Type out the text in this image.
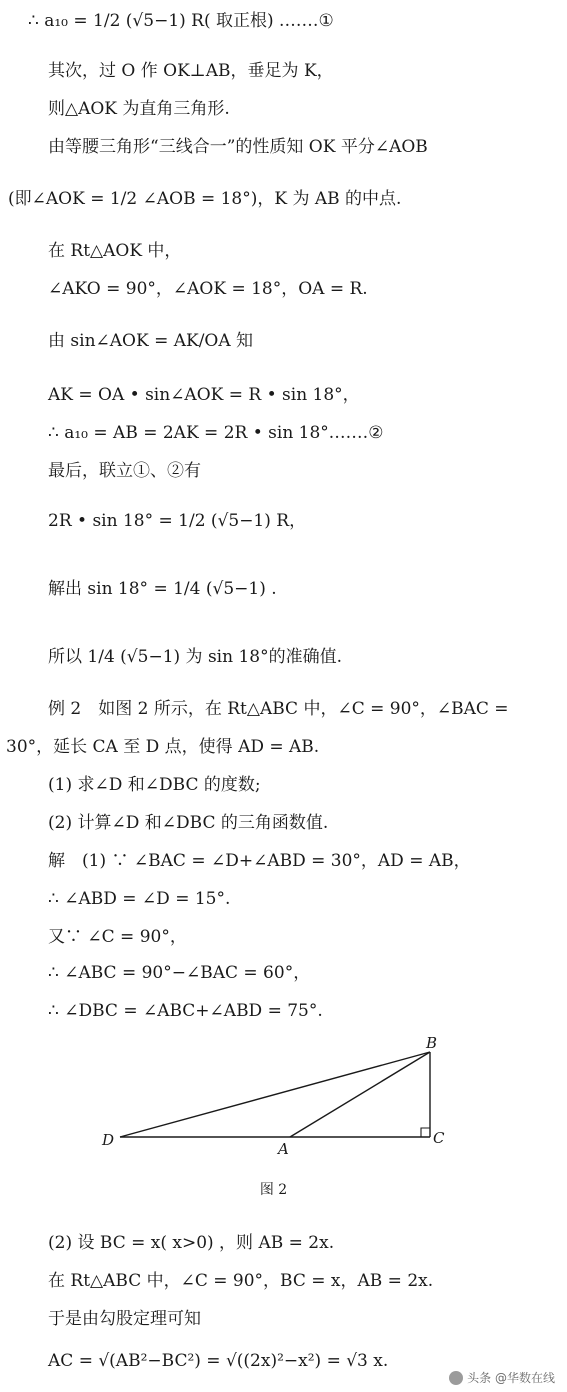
∴ a₁₀ = 1/2 (√5−1) R( 取正根) .……①
其次，过 O 作 OK⊥AB，垂足为 K，
则△AOK 为直角三角形.
由等腰三角形“三线合一”的性质知 OK 平分∠AOB
(即∠AOK = 1/2 ∠AOB = 18°)，K 为 AB 的中点.
在 Rt△AOK 中，
∠AKO = 90°，∠AOK = 18°，OA = R.
由 sin∠AOK = AK/OA 知
AK = OA • sin∠AOK = R • sin 18°，
∴ a₁₀ = AB = 2AK = 2R • sin 18°.……②
最后，联立①、②有
2R • sin 18° = 1/2 (√5−1) R，
解出 sin 18° = 1/4 (√5−1) .
所以 1/4 (√5−1) 为 sin 18°的准确值.
例 2　如图 2 所示，在 Rt△ABC 中，∠C = 90°，∠BAC =
30°，延长 CA 至 D 点，使得 AD = AB.
(1) 求∠D 和∠DBC 的度数;
(2) 计算∠D 和∠DBC 的三角函数值.
解　(1) ∵ ∠BAC = ∠D+∠ABD = 30°，AD = AB，
∴ ∠ABD = ∠D = 15°.
又∵ ∠C = 90°，
∴ ∠ABC = 90°−∠BAC = 60°，
∴ ∠DBC = ∠ABC+∠ABD = 75°.
B
D	A
C
图 2
(2) 设 BC = x( x>0) ，则 AB = 2x.
在 Rt△ABC 中，∠C = 90°，BC = x，AB = 2x.
于是由勾股定理可知
AC = √(AB²−BC²) = √((2x)²−x²) = √3 x.
头条 @华数在线
